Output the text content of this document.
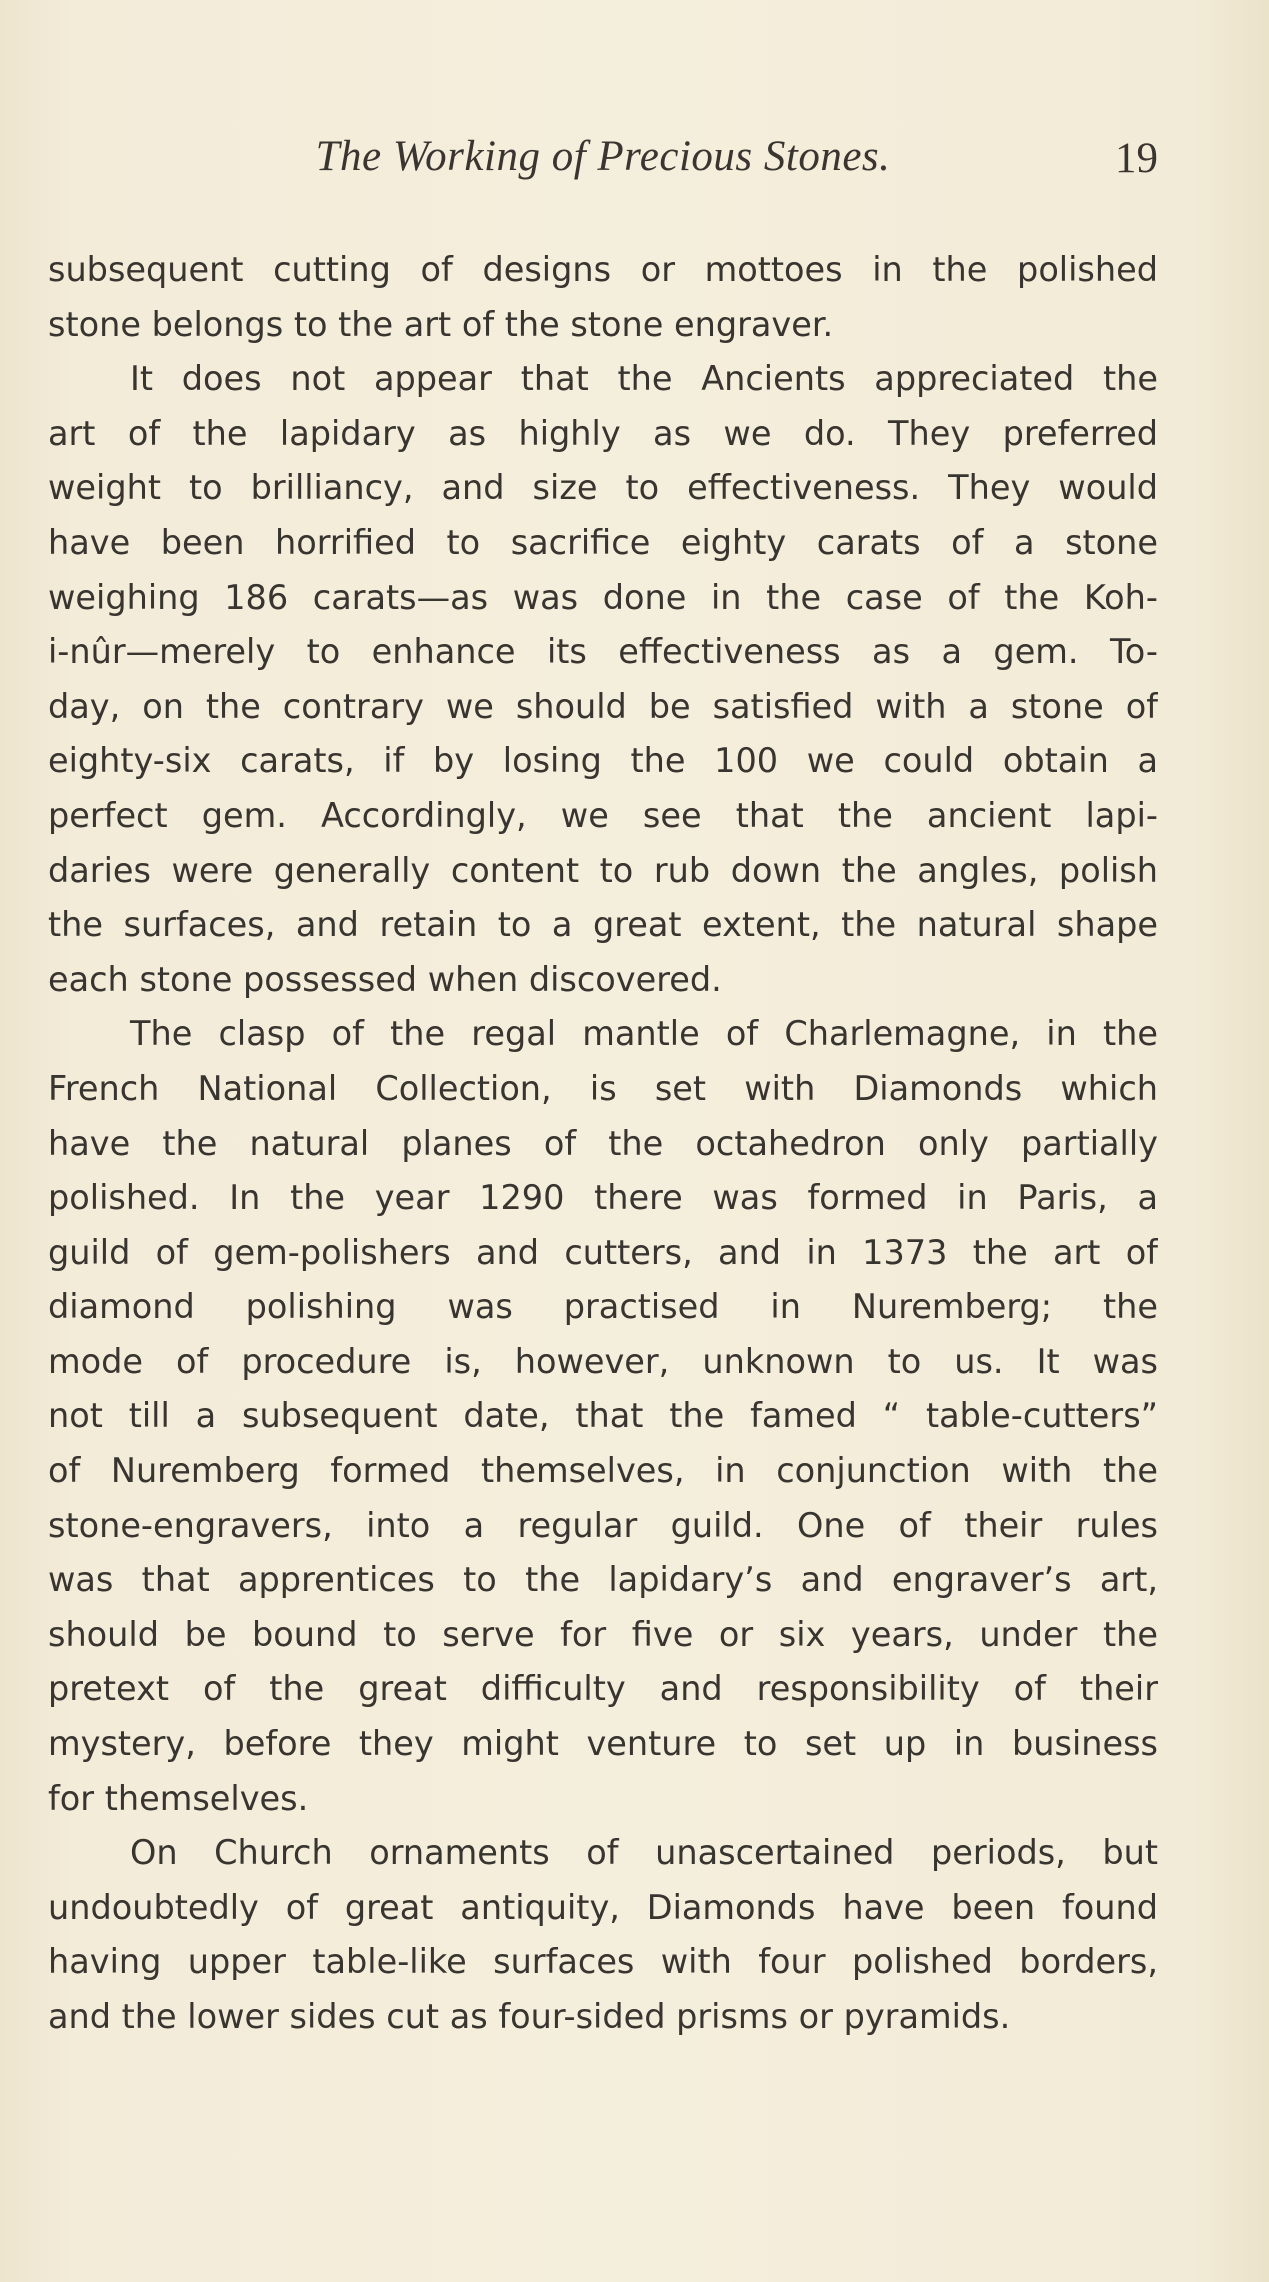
The Working of Precious Stones.	19
subsequent cutting of designs or mottoes in the polished
stone belongs to the art of the stone engraver.
It does not appear that the Ancients appreciated the
art of the lapidary as highly as we do. They preferred
weight to brilliancy, and size to effectiveness. They would
have been horrified to sacrifice eighty carats of a stone
weighing 186 carats—as was done in the case of the Koh-
i-nûr—merely to enhance its effectiveness as a gem. To-
day, on the contrary we should be satisfied with a stone of
eighty-six carats, if by losing the 100 we could obtain a
perfect gem. Accordingly, we see that the ancient lapi-
daries were generally content to rub down the angles, polish
the surfaces, and retain to a great extent, the natural shape
each stone possessed when discovered.
The clasp of the regal mantle of Charlemagne, in the
French National Collection, is set with Diamonds which
have the natural planes of the octahedron only partially
polished. In the year 1290 there was formed in Paris, a
guild of gem-polishers and cutters, and in 1373 the art of
diamond polishing was practised in Nuremberg; the
mode of procedure is, however, unknown to us. It was
not till a subsequent date, that the famed “ table-cutters”
of Nuremberg formed themselves, in conjunction with the
stone-engravers, into a regular guild. One of their rules
was that apprentices to the lapidary’s and engraver’s art,
should be bound to serve for five or six years, under the
pretext of the great difficulty and responsibility of their
mystery, before they might venture to set up in business
for themselves.
On Church ornaments of unascertained periods, but
undoubtedly of great antiquity, Diamonds have been found
having upper table-like surfaces with four polished borders,
and the lower sides cut as four-sided prisms or pyramids.
